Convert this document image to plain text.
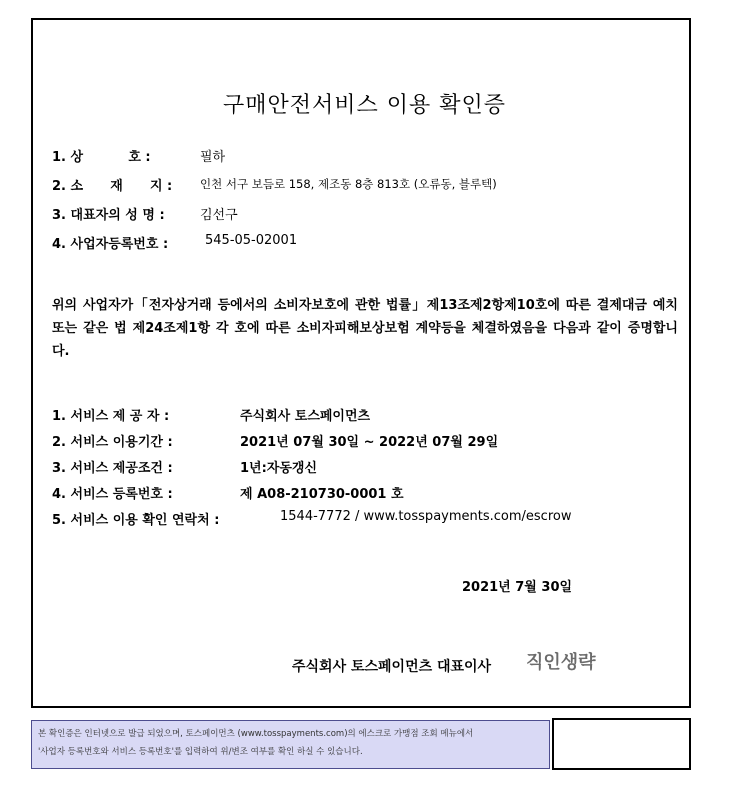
구매안전서비스 이용 확인증
1. 상          호 :	필하
2. 소      재      지 : 인천 서구 보듬로 158, 제조동 8층 813호 (오류동, 블루텍)
3. 대표자의 성 명 :	김선구
4. 사업자등록번호 :	545-05-02001
위의 사업자가「전자상거래 등에서의 소비자보호에 관한 법률」제13조제2항제10호에 따른 결제대금 예치 또는 같은 법 제24조제1항 각 호에 따른 소비자피해보상보험 계약등을 체결하였음을 다음과 같이 증명합니다.
1. 서비스 제 공 자 :	주식회사 토스페이먼츠
2. 서비스 이용기간 :	2021년 07월 30일 ~ 2022년 07월 29일
3. 서비스 제공조건 :	1년:자동갱신
4. 서비스 등록번호 :	제 A08-210730-0001 호
5. 서비스 이용 확인 연락처 :	1544-7772 / www.tosspayments.com/escrow
2021년 7월 30일
주식회사 토스페이먼츠 대표이사 직인생략
본 확인증은 인터넷으로 발급 되었으며, 토스페이먼츠 (www.tosspayments.com)의 에스크로 가맹점 조회 메뉴에서
'사업자 등록번호와 서비스 등록번호'를 입력하여 위/변조 여부를 확인 하실 수 있습니다.
